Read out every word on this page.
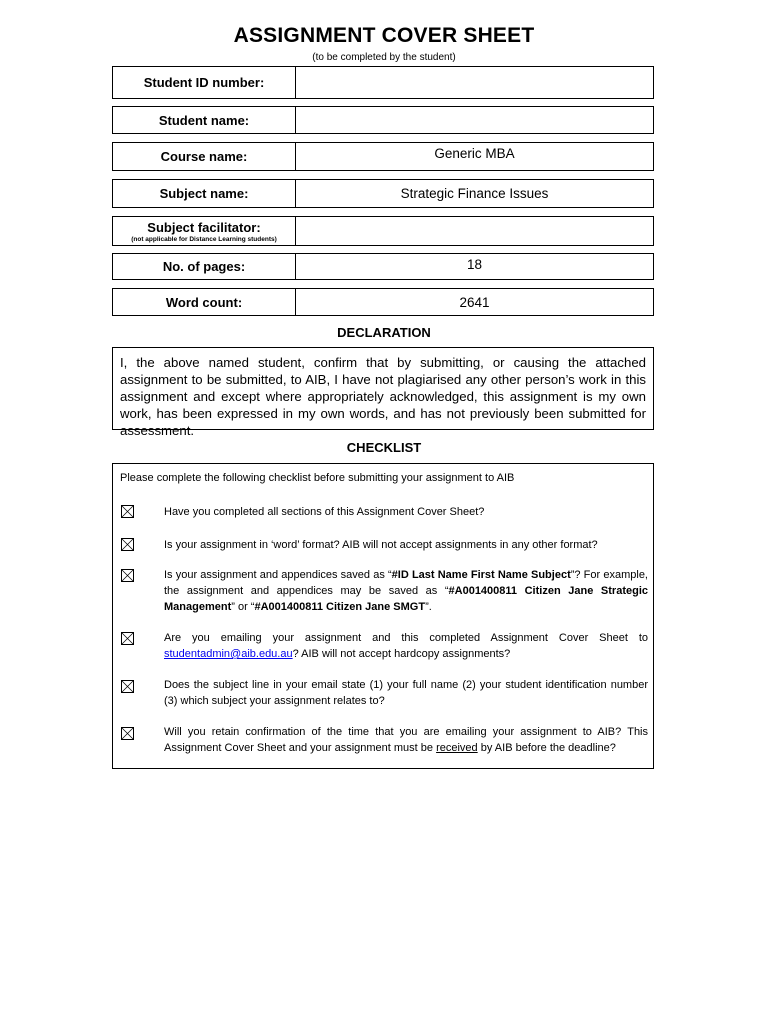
ASSIGNMENT COVER SHEET
(to be completed by the student)
Student ID number:
Student name:
Course name:	Generic MBA
Subject name:	Strategic Finance Issues
Subject facilitator:
(not applicable for Distance Learning students)
No. of pages:	18
Word count:	2641
DECLARATION
I, the above named student, confirm that by submitting, or causing the attached assignment to be submitted, to AIB, I have not plagiarised any other person’s work in this assignment and except where appropriately acknowledged, this assignment is my own work, has been expressed in my own words, and has not previously been submitted for assessment.
CHECKLIST
Please complete the following checklist before submitting your assignment to AIB
Have you completed all sections of this Assignment Cover Sheet?
Is your assignment in ‘word’ format? AIB will not accept assignments in any other format?
Is your assignment and appendices saved as “#ID Last Name First Name Subject”? For example, the assignment and appendices may be saved as “#A001400811 Citizen Jane Strategic Management” or “#A001400811 Citizen Jane SMGT”.
Are you emailing your assignment and this completed Assignment Cover Sheet to studentadmin@aib.edu.au? AIB will not accept hardcopy assignments?
Does the subject line in your email state (1) your full name (2) your student identification number (3) which subject your assignment relates to?
Will you retain confirmation of the time that you are emailing your assignment to AIB? This Assignment Cover Sheet and your assignment must be received by AIB before the deadline?
